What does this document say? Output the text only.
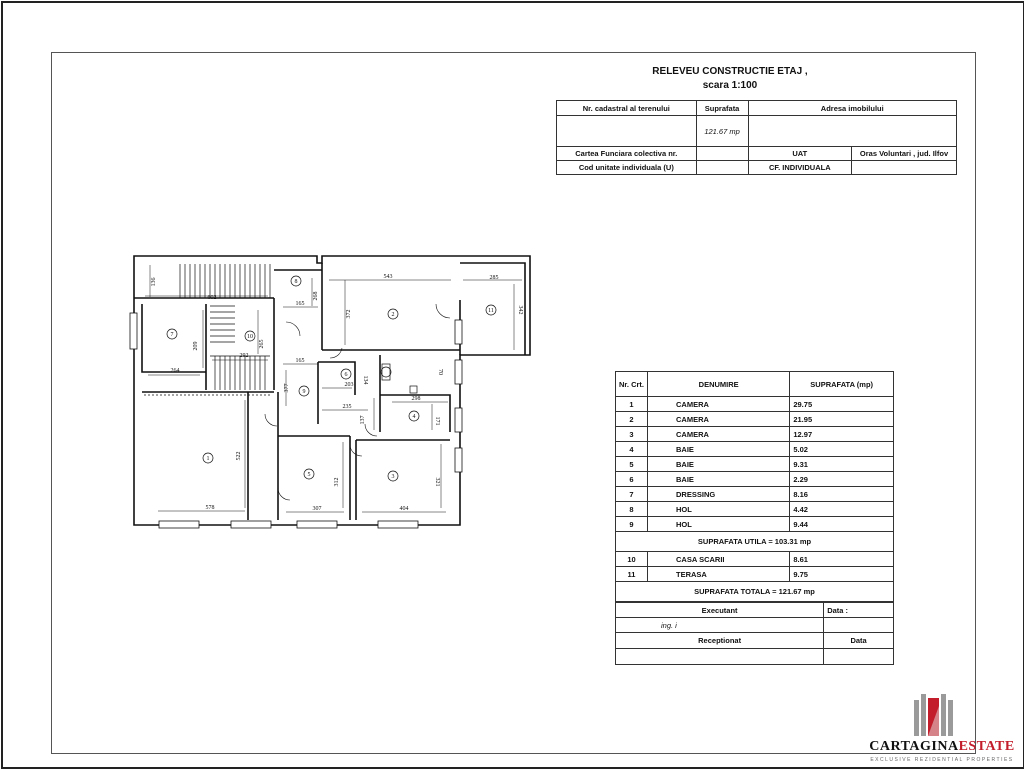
RELEVEU CONSTRUCTIE ETAJ ,
scara 1:100
Nr. cadastral al terenului	Suprafata	Adresa imobilului	
	121.67 mp		
Cartea Funciara colectiva nr.		UAT	Oras Voluntari , jud. Ilfov
Cod unitate individuala (U)		CF. INDIVIDUALA	
1
2
3
4
5
6
7
8
9
10
11
543
372
285
342
136
602
165
268
209
264
292
265
165
377	203
134
70
235
298
137	171
522
312	321
578	307	404
Nr. Crt.	DENUMIRE	SUPRAFATA (mp)
1	CAMERA	29.75
2	CAMERA	21.95
3	CAMERA	12.97
4	BAIE	5.02
5	BAIE	9.31
6	BAIE	2.29
7	DRESSING	8.16
8	HOL	4.42
9	HOL	9.44
SUPRAFATA UTILA = 103.31 mp		
10	CASA SCARII	8.61
11	TERASA	9.75
SUPRAFATA TOTALA = 121.67 mp		
Executant	Data :
ing. i	
Receptionat	Data

CARTAGINAESTATE
EXCLUSIVE REZIDENTIAL PROPERTIES
